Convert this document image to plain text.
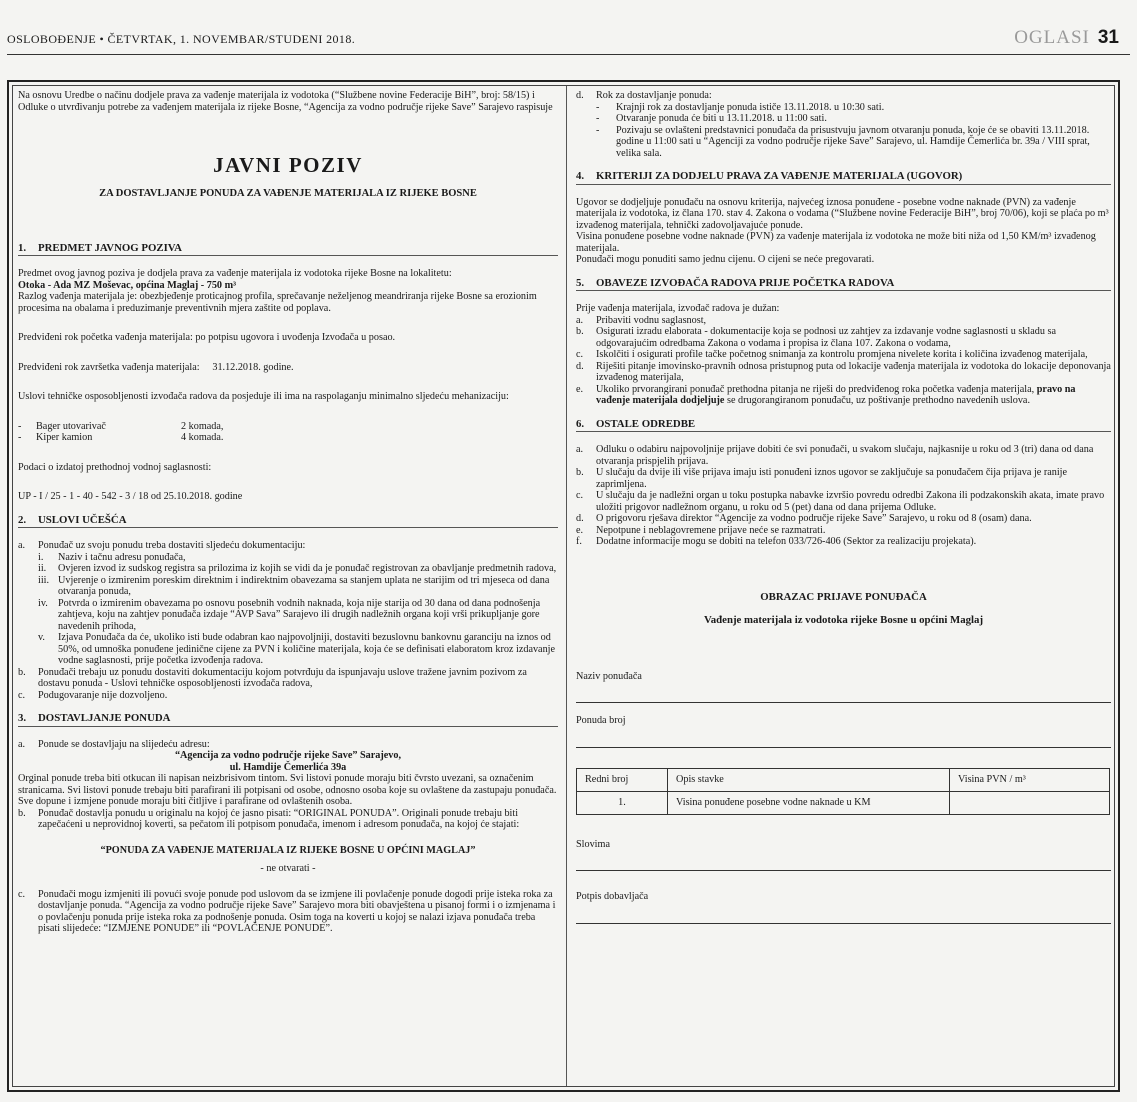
OSLOBOĐENJE • ČETVRTAK, 1. NOVEMBAR/STUDENI 2018.	OGLASI 31

Na osnovu Uredbe o načinu dodjele prava za vađenje materijala iz vodotoka (“Službene novine Federacije BiH”, broj: 58/15) i Odluke o utvrđivanju potrebe za vađenjem materijala iz rijeke Bosne, “Agencija za vodno područje rijeke Save” Sarajevo raspisuje

JAVNI POZIV

ZA DOSTAVLJANJE PONUDA ZA VAĐENJE MATERIJALA IZ RIJEKE BOSNE

1. PREDMET JAVNOG POZIVA

Predmet ovog javnog poziva je dodjela prava za vađenje materijala iz vodotoka rijeke Bosne na lokalitetu:

Otoka - Ada MZ Moševac, općina Maglaj - 750 m³

Razlog vađenja materijala je: obezbjeđenje proticajnog profila, sprečavanje neželjenog meandriranja rijeke Bosne sa erozionim procesima na obalama i preduzimanje preventivnih mjera zaštite od poplava.

Predviđeni rok početka vađenja materijala: po potpisu ugovora i uvođenja Izvođača u posao.

Predviđeni rok završetka vađenja materijala: 31.12.2018. godine.

Uslovi tehničke osposobljenosti izvođača radova da posjeduje ili ima na raspolaganju minimalno sljedeću mehanizaciju:

-	Bager utovarivač	2 komada,
-	Kiper kamion	4 komada.

Podaci o izdatoj prethodnoj vodnoj saglasnosti:

UP - I / 25 - 1 - 40 - 542 - 3 / 18 od 25.10.2018. godine

2. USLOVI UČEŠĆA

a.	Ponuđač uz svoju ponudu treba dostaviti sljedeću dokumentaciju:
i.	Naziv i tačnu adresu ponuđača,
ii.	Ovjeren izvod iz sudskog registra sa prilozima iz kojih se vidi da je ponuđač registrovan za obavljanje predmetnih radova,
iii. Uvjerenje o izmirenim poreskim direktnim i indirektnim obavezama sa stanjem uplata ne starijim od tri mjeseca od dana otvaranja ponuda,
iv. Potvrda o izmirenim obavezama po osnovu posebnih vodnih naknada, koja nije starija od 30 dana od dana podnošenja zahtjeva, koju na zahtjev ponuđača izdaje “AVP Sava” Sarajevo ili drugih nadležnih organa koji vrši prikupljanje gore navedenih prihoda,
v.	Izjava Ponuđača da će, ukoliko isti bude odabran kao najpovoljniji, dostaviti bezuslovnu bankovnu garanciju na iznos od 50%, od umnoška ponuđene jedinične cijene za PVN i količine materijala, koja će se definisati elaboratom kroz izdavanje vodne saglasnosti, prije početka izvođenja radova.
b.	Ponuđači trebaju uz ponudu dostaviti dokumentaciju kojom potvrđuju da ispunjavaju uslove tražene javnim pozivom za dostavu ponuda - Uslovi tehničke osposobljenosti izvođača radova,
c.	Podugovaranje nije dozvoljeno.

3. DOSTAVLJANJE PONUDA

a.	Ponude se dostavljaju na slijedeću adresu:

“Agencija za vodno područje rijeke Save” Sarajevo,

ul. Hamdije Čemerlića 39a

Orginal ponude treba biti otkucan ili napisan neizbrisivom tintom. Svi listovi ponude moraju biti čvrsto uvezani, sa označenim stranicama. Svi listovi ponude trebaju biti parafirani ili potpisani od osobe, odnosno osoba koje su ovlaštene da zastupaju ponuđača. Sve dopune i izmjene ponude moraju biti čitljive i parafirane od ovlaštenih osoba.

b.	Ponuđač dostavlja ponudu u originalu na kojoj će jasno pisati: “ORIGINAL PONUDA”. Originali ponude trebaju biti zapečaćeni u neprovidnoj koverti, sa pečatom ili potpisom ponuđača, imenom i adresom ponuđača, na kojoj će stajati:

“PONUDA ZA VAĐENJE MATERIJALA IZ RIJEKE BOSNE U OPĆINI MAGLAJ”

- ne otvarati -

c.	Ponuđači mogu izmjeniti ili povući svoje ponude pod uslovom da se izmjene ili povlačenje ponude dogodi prije isteka roka za dostavljanje ponuda. “Agencija za vodno područje rijeke Save” Sarajevo mora biti obavještena u pisanoj formi i o izmjenama i o povlačenju ponuda prije isteka roka za podnošenje ponuda. Osim toga na koverti u kojoj se nalazi izjava ponuđača treba pisati slijedeće: “IZMJENE PONUDE” ili “POVLAČENJE PONUDE”.
d.	Rok za dostavljanje ponuda:
-	Krajnji rok za dostavljanje ponuda ističe 13.11.2018. u 10:30 sati.
-	Otvaranje ponuda će biti u 13.11.2018. u 11:00 sati.
-	Pozivaju se ovlašteni predstavnici ponuđača da prisustvuju javnom otvaranju ponuda, koje će se obaviti 13.11.2018. godine u 11:00 sati u “Agenciji za vodno područje rijeke Save” Sarajevo, ul. Hamdije Čemerlića br. 39a / VIII sprat, velika sala.

4. KRITERIJI ZA DODJELU PRAVA ZA VAĐENJE MATERIJALA (UGOVOR)

Ugovor se dodjeljuje ponuđaču na osnovu kriterija, najvećeg iznosa ponuđene - posebne vodne naknade (PVN) za vađenje materijala iz vodotoka, iz člana 170. stav 4. Zakona o vodama (“Službene novine Federacije BiH”, broj 70/06), koji se plaća po m³ izvađenog materijala, tehnički zadovoljavajuće ponude.

Visina ponuđene posebne vodne naknade (PVN) za vađenje materijala iz vodotoka ne može biti niža od 1,50 KM/m³ izvađenog materijala.

Ponuđači mogu ponuditi samo jednu cijenu. O cijeni se neće pregovarati.

5. OBAVEZE IZVOĐAČA RADOVA PRIJE POČETKA RADOVA

Prije vađenja materijala, izvođač radova je dužan:

a.	Pribaviti vodnu saglasnost,
b.	Osigurati izradu elaborata - dokumentacije koja se podnosi uz zahtjev za izdavanje vodne saglasnosti u skladu sa odgovarajućim odredbama Zakona o vodama i propisa iz člana 107. Zakona o vodama,
c.	Iskolčiti i osigurati profile tačke početnog snimanja za kontrolu promjena nivelete korita i količina izvađenog materijala,
d.	Riješiti pitanje imovinsko-pravnih odnosa pristupnog puta od lokacije vađenja materijala iz vodotoka do lokacije deponovanja izvađenog materijala,
e.	Ukoliko prvorangirani ponuđač prethodna pitanja ne riješi do predviđenog roka početka vađenja materijala, pravo na vađenje materijala dodjeljuje se drugorangiranom ponuđaču, uz poštivanje prethodno navedenih uslova.

6. OSTALE ODREDBE

a.	Odluku o odabiru najpovoljnije prijave dobiti će svi ponuđači, u svakom slučaju, najkasnije u roku od 3 (tri) dana od dana otvaranja prispjelih prijava.
b.	U slučaju da dvije ili više prijava imaju isti ponuđeni iznos ugovor se zaključuje sa ponuđačem čija prijava je ranije zaprimljena.
c.	U slučaju da je nadležni organ u toku postupka nabavke izvršio povredu odredbi Zakona ili podzakonskih akata, imate pravo uložiti prigovor nadležnom organu, u roku od 5 (pet) dana od dana prijema Odluke.
d.	O prigovoru rješava direktor “Agencije za vodno područje rijeke Save” Sarajevo, u roku od 8 (osam) dana.
e.	Nepotpune i neblagovremene prijave neće se razmatrati.
f.	Dodatne informacije mogu se dobiti na telefon 033/726-406 (Sektor za realizaciju projekata).

OBRAZAC PRIJAVE PONUĐAČA

Vađenje materijala iz vodotoka rijeke Bosne u općini Maglaj

Naziv ponuđača

Ponuda broj

Redni broj	Opis stavke	Visina PVN / m³
1.	Visina ponuđene posebne vodne naknade u KM	

Slovima

Potpis dobavljača
